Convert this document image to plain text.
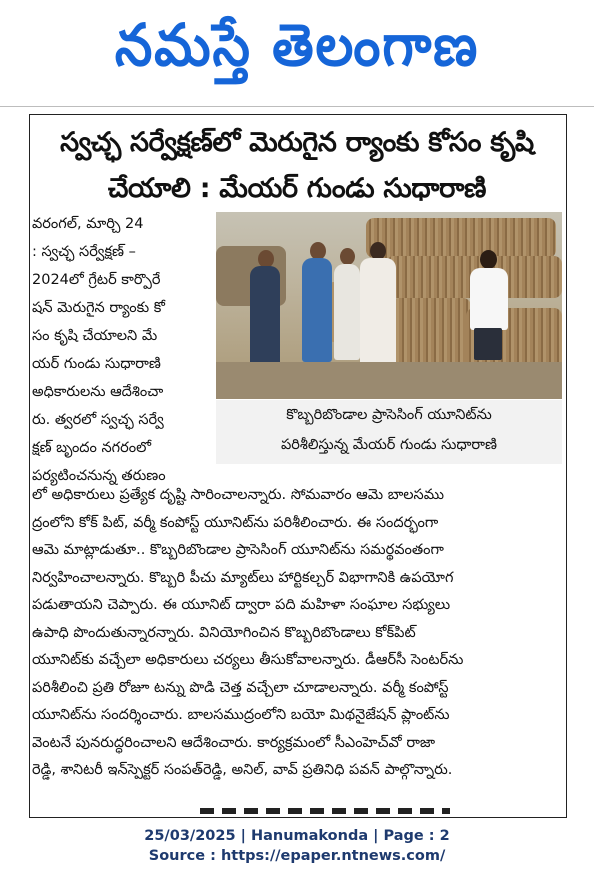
నమస్తే తెలంగాణ
స్వచ్ఛ సర్వేక్షణ్‌లో మెరుగైన ర్యాంకు కోసం కృషి
చేయాలి : మేయర్ గుండు సుధారాణి
వరంగల్, మార్చి 24
: స్వచ్ఛ సర్వేక్షణ్ –
2024లో గ్రేటర్ కార్పొరే
షన్ మెరుగైన ర్యాంకు కో
సం కృషి చేయాలని మే
యర్ గుండు సుధారాణి
అధికారులను ఆదేశించా
రు. త్వరలో స్వచ్ఛ సర్వే
క్షణ్ బృందం నగరంలో
పర్యటించనున్న తరుణం
కొబ్బరిబొండాల ప్రాసెసింగ్ యూనిట్‌ను
పరిశీలిస్తున్న మేయర్ గుండు సుధారాణి
లో అధికారులు ప్రత్యేక దృష్టి సారించాలన్నారు. సోమవారం ఆమె బాలసము
ద్రంలోని కోక్ పిట్, వర్మీ కంపోస్ట్ యూనిట్‌ను పరిశీలించారు. ఈ సందర్భంగా
ఆమె మాట్లాడుతూ.. కొబ్బరిబొండాల ప్రాసెసింగ్ యూనిట్‌ను సమర్థవంతంగా
నిర్వహించాలన్నారు. కొబ్బరి పీచు మ్యాట్‌లు హార్టికల్చర్ విభాగానికి ఉపయోగ
పడుతాయని చెప్పారు. ఈ యూనిట్ ద్వారా పది మహిళా సంఘాల సభ్యులు
ఉపాధి పొందుతున్నారన్నారు. వినియోగించిన కొబ్బరిబొండాలు కోక్‌పిట్
యూనిట్‌కు వచ్చేలా అధికారులు చర్యలు తీసుకోవాలన్నారు. డీఆర్‌సీ సెంటర్‌ను
పరిశీలించి ప్రతి రోజూ టన్ను పొడి చెత్త వచ్చేలా చూడాలన్నారు. వర్మీ కంపోస్ట్
యూనిట్‌ను సందర్శించారు. బాలసముద్రంలోని బయో మిథనైజేషన్ ప్లాంట్‌ను
వెంటనే పునరుద్ధరించాలని ఆదేశించారు. కార్యక్రమంలో సీఎంహెచ్‌వో రాజా
రెడ్డి, శానిటరీ ఇన్‌స్పెక్టర్ సంపత్‌రెడ్డి, అనిల్, వావ్ ప్రతినిధి పవన్ పాల్గొన్నారు.
25/03/2025 | Hanumakonda | Page : 2
Source : https://epaper.ntnews.com/
